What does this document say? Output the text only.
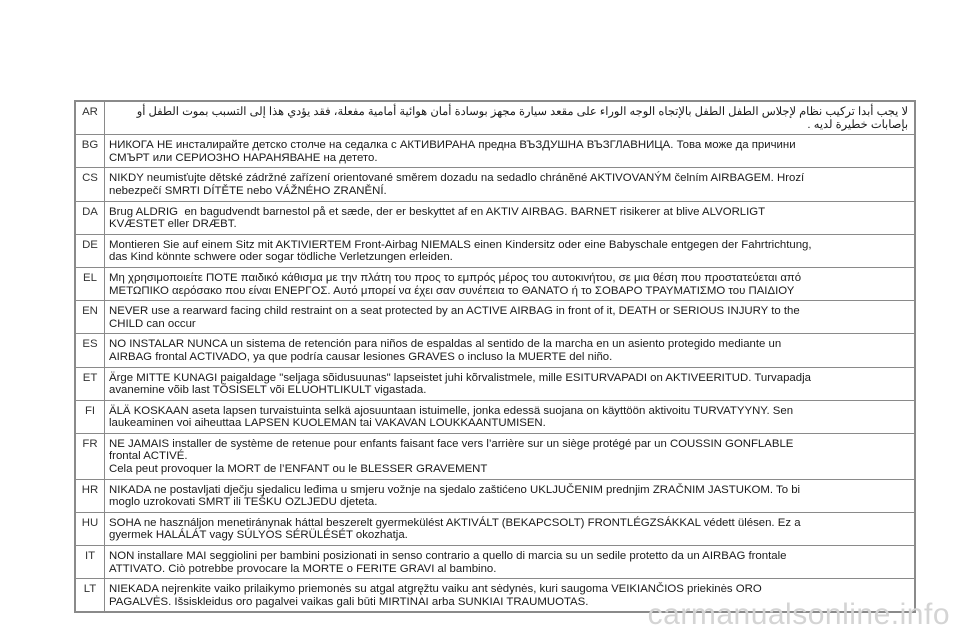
AR	لا يجب أبدا تركيب نظام لإجلاس الطفل الطفل بالإتجاه الوجه الوراء على مقعد سيارة مجهز بوسادة أمان هوائية أمامية مفعلة، فقد يؤدي هذا إلى التسبب بموت الطفل أو بإصابات خطيرة لديه .

BG	НИКОГА НЕ инсталирайте детско столче на седалка с АКТИВИРАНА предна ВЪЗДУШНА ВЪЗГЛАВНИЦА. Това може да причини
СМЪРТ или СЕРИОЗНО НАРАНЯВАНЕ на детето.

CS	NIKDY neumisťujte dětské zádržné zařízení orientované směrem dozadu na sedadlo chráněné AKTIVOVANÝM čelním AIRBAGEM. Hrozí
nebezpečí SMRTI DÍTĚTE nebo VÁŽNÉHO ZRANĚNÍ.

DA	Brug ALDRIG  en bagudvendt barnestol på et sæde, der er beskyttet af en AKTIV AIRBAG. BARNET risikerer at blive ALVORLIGT
KVÆSTET eller DRÆBT.

DE	Montieren Sie auf einem Sitz mit AKTIVIERTEM Front-Airbag NIEMALS einen Kindersitz oder eine Babyschale entgegen der Fahrtrichtung,
das Kind könnte schwere oder sogar tödliche Verletzungen erleiden.

EL	Μη χρησιμοποιείτε ΠΟΤΕ παιδικό κάθισμα με την πλάτη του προς το εμπρός μέρος του αυτοκινήτου, σε μια θέση που προστατεύεται από
ΜΕΤΩΠΙΚΟ αερόσακο που είναι ΕΝΕΡΓΟΣ. Αυτό μπορεί να έχει σαν συνέπεια το ΘΑΝΑΤΟ ή το ΣΟΒΑΡΟ ΤΡΑΥΜΑΤΙΣΜΟ του ΠΑΙΔΙΟΥ

EN	NEVER use a rearward facing child restraint on a seat protected by an ACTIVE AIRBAG in front of it, DEATH or SERIOUS INJURY to the
CHILD can occur

ES	NO INSTALAR NUNCA un sistema de retención para niños de espaldas al sentido de la marcha en un asiento protegido mediante un
AIRBAG frontal ACTIVADO, ya que podría causar lesiones GRAVES o incluso la MUERTE del niño.

ET	Ärge MITTE KUNAGI paigaldage "seljaga sõidusuunas" lapseistet juhi kõrvalistmele, mille ESITURVAPADI on AKTIVEERITUD. Turvapadja
avanemine võib last TÕSISELT või ELUOHTLIKULT vigastada.

FI	ÄLÄ KOSKAAN aseta lapsen turvaistuinta selkä ajosuuntaan istuimelle, jonka edessä suojana on käyttöön aktivoitu TURVATYYNY. Sen
laukeaminen voi aiheuttaa LAPSEN KUOLEMAN tai VAKAVAN LOUKKAANTUMISEN.

FR	NE JAMAIS installer de système de retenue pour enfants faisant face vers l’arrière sur un siège protégé par un COUSSIN GONFLABLE
frontal ACTIVÉ.
Cela peut provoquer la MORT de l’ENFANT ou le BLESSER GRAVEMENT

HR	NIKADA ne postavljati dječju sjedalicu leđima u smjeru vožnje na sjedalo zaštićeno UKLJUČENIM prednjim ZRAČNIM JASTUKOM. To bi
moglo uzrokovati SMRT ili TEŠKU OZLJEDU djeteta.

HU	SOHA ne használjon menetiránynak háttal beszerelt gyermekülést AKTIVÁLT (BEKAPCSOLT) FRONTLÉGZSÁKKAL védett ülésen. Ez a
gyermek HALÁLÁT vagy SÚLYOS SÉRÜLÉSÉT okozhatja.

IT	NON installare MAI seggiolini per bambini posizionati in senso contrario a quello di marcia su un sedile protetto da un AIRBAG frontale
ATTIVATO. Ciò potrebbe provocare la MORTE o FERITE GRAVI al bambino.

LT	NIEKADA nejrenkite vaiko prilaikymo priemonės su atgal atgręžtu vaiku ant sėdynės, kuri saugoma VEIKIANČIOS priekinės ORO
PAGALVĖS. Išsiskleidus oro pagalvei vaikas gali būti MIRTINAI arba SUNKIAI TRAUMUOTAS.	carmanualsonline.info
